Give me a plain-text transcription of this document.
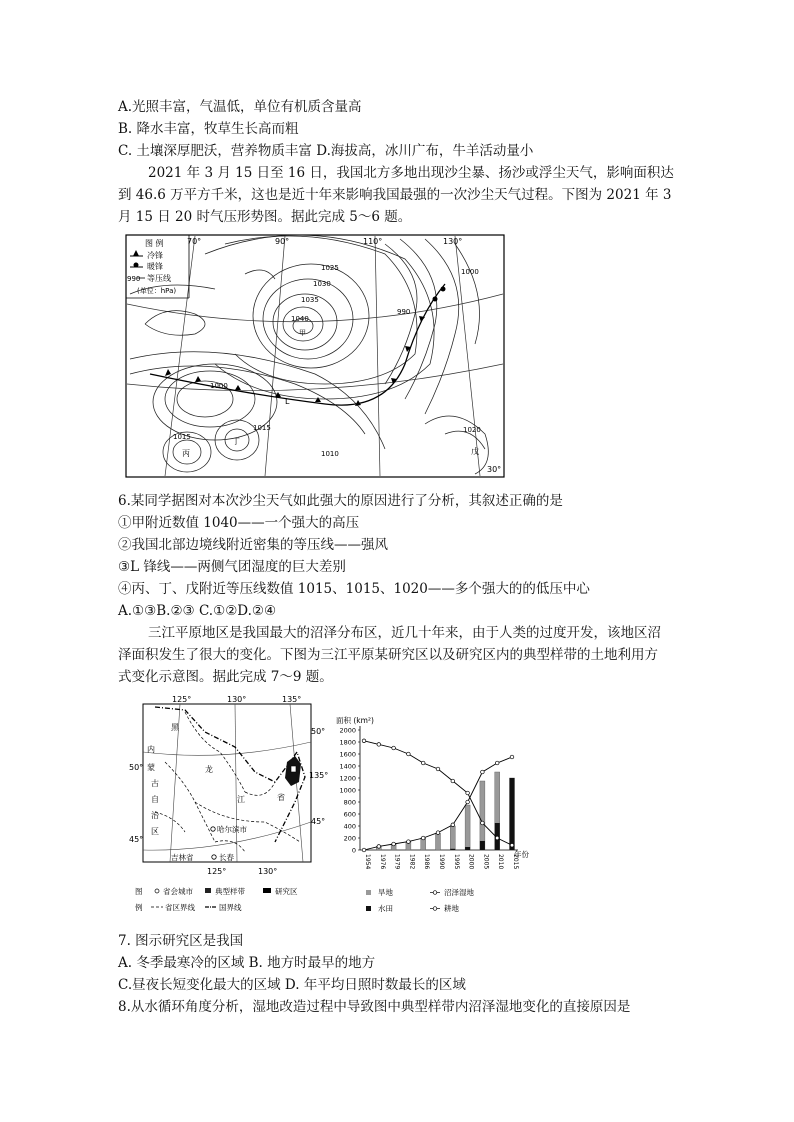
A.光照丰富，气温低，单位有机质含量高
B. 降水丰富，牧草生长高而粗
C. 土壤深厚肥沃，营养物质丰富 D.海拔高，冰川广布，牛羊活动量小
2021 年 3 月 15 日至 16 日，我国北方多地出现沙尘暴、扬沙或浮尘天气，影响面积达
到 46.6 万平方千米，这也是近十年来影响我国最强的一次沙尘天气过程。下图为 2021 年 3
月 15 日 20 时气压形势图。据此完成 5～6 题。
图 例
冷锋
暖锋
990 等压线
(单位：hPa)
70°	90°	110°	130°
30°
1040
1035
1030
1025
1000
1000
990
1015
1015
1010
1020
甲
丙
丁
戊
L
6.某同学据图对本次沙尘天气如此强大的原因进行了分析，其叙述正确的是
①甲附近数值 1040——一个强大的高压
②我国北部边境线附近密集的等压线——强风
③L 锋线——两侧气团湿度的巨大差别
④丙、丁、戊附近等压线数值 1015、1015、1020——多个强大的的低压中心
A.①③B.②③ C.①②D.②④
三江平原地区是我国最大的沼泽分布区，近几十年来，由于人类的过度开发，该地区沼
泽面积发生了很大的变化。下图为三江平原某研究区以及研究区内的典型样带的土地利用方
式变化示意图。据此完成 7～9 题。
125°	130°	135°
125°	130°
50°
50°
45°
45°
135°
黑
龙
江	省
内
蒙
古
自
治
区	哈尔滨市
吉林省	长春
图
例
省会城市	典型样带	研究区
省区界线	国界线
面积 (km²)
年份
0
200
400
600
800
1000
1200
1400
1600
1800
2000
1954 1976 1979 1982 1986 1990 1995 2000 2005 2010 2015
旱地	沼泽湿地
水田	耕地
7. 图示研究区是我国
A. 冬季最寒冷的区域 B. 地方时最早的地方
C.昼夜长短变化最大的区域 D. 年平均日照时数最长的区域
8.从水循环角度分析，湿地改造过程中导致图中典型样带内沼泽湿地变化的直接原因是
